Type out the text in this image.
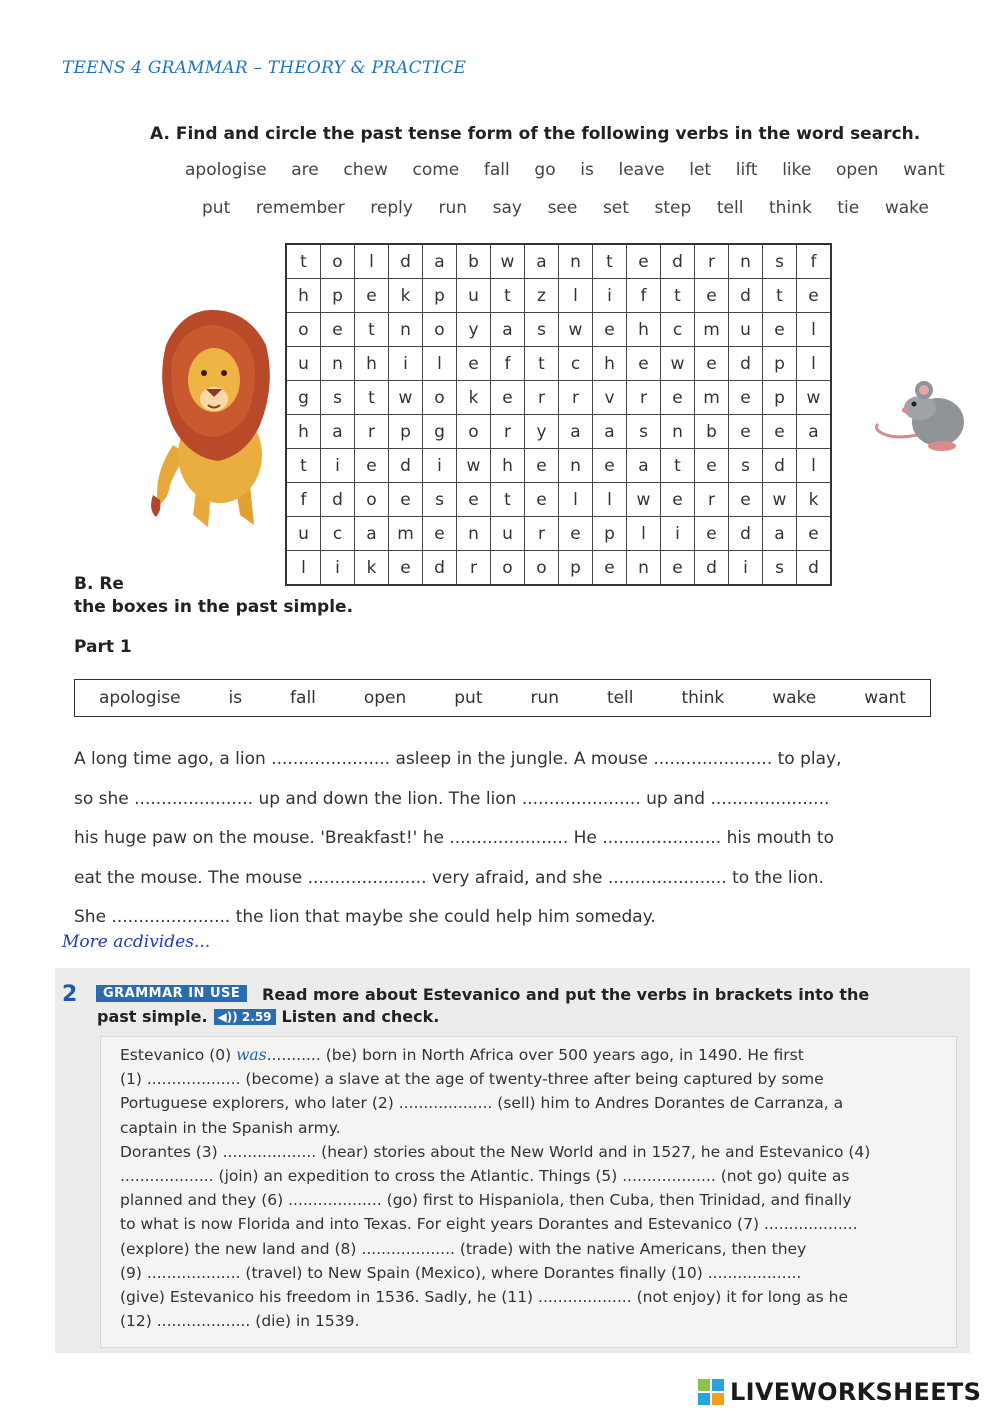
TEENS 4 GRAMMAR – THEORY & PRACTICE
A. Find and circle the past tense form of the following verbs in the word search.
apologise are chew come fall go is leave let lift like open want
put remember reply run say see set step tell think tie wake
t	o	l	d	a	b	w	a	n	t	e	d	r	n	s	f
h	p	e	k	p	u	t	z	l	i	f	t	e	d	t	e
o	e	t	n	o	y	a	s	w	e	h	c	m	u	e	l
u	n	h	i	l	e	f	t	c	h	e	w	e	d	p	l
g	s	t	w	o	k	e	r	r	v	r	e	m	e	p	w
h	a	r	p	g	o	r	y	a	a	s	n	b	e	e	a
t	i	e	d	i	w	h	e	n	e	a	t	e	s	d	l
f	d	o	e	s	e	t	e	l	l	w	e	r	e	w	k
u	c	a	m	e	n	u	r	e	p	l	i	e	d	a	e
l	i	k	e	d	r	o	o	p	e	n	e	d	i	s	d
B. Re
the boxes in the past simple.
Part 1
apologise	is	fall	open	put	run	tell	think	wake	want
A long time ago, a lion ...................... asleep in the jungle. A mouse ...................... to play,
so she ...................... up and down the lion. The lion ...................... up and ......................
his huge paw on the mouse. 'Breakfast!' he ...................... He ...................... his mouth to
eat the mouse. The mouse ...................... very afraid, and she ...................... to the lion.
She ...................... the lion that maybe she could help him someday.
More acdivides...
2	GRAMMAR IN USE	Read more about Estevanico and put the verbs in brackets into the
past simple. ◀)) 2.59 Listen and check.
Estevanico (0) was........... (be) born in North Africa over 500 years ago, in 1490. He first
(1) ................... (become) a slave at the age of twenty-three after being captured by some
Portuguese explorers, who later (2) ................... (sell) him to Andres Dorantes de Carranza, a
captain in the Spanish army.
Dorantes (3) ................... (hear) stories about the New World and in 1527, he and Estevanico (4)
................... (join) an expedition to cross the Atlantic. Things (5) ................... (not go) quite as
planned and they (6) ................... (go) first to Hispaniola, then Cuba, then Trinidad, and finally
to what is now Florida and into Texas. For eight years Dorantes and Estevanico (7) ...................
(explore) the new land and (8) ................... (trade) with the native Americans, then they
(9) ................... (travel) to New Spain (Mexico), where Dorantes finally (10) ...................
(give) Estevanico his freedom in 1536. Sadly, he (11) ................... (not enjoy) it for long as he
(12) ................... (die) in 1539.
LIVEWORKSHEETS
